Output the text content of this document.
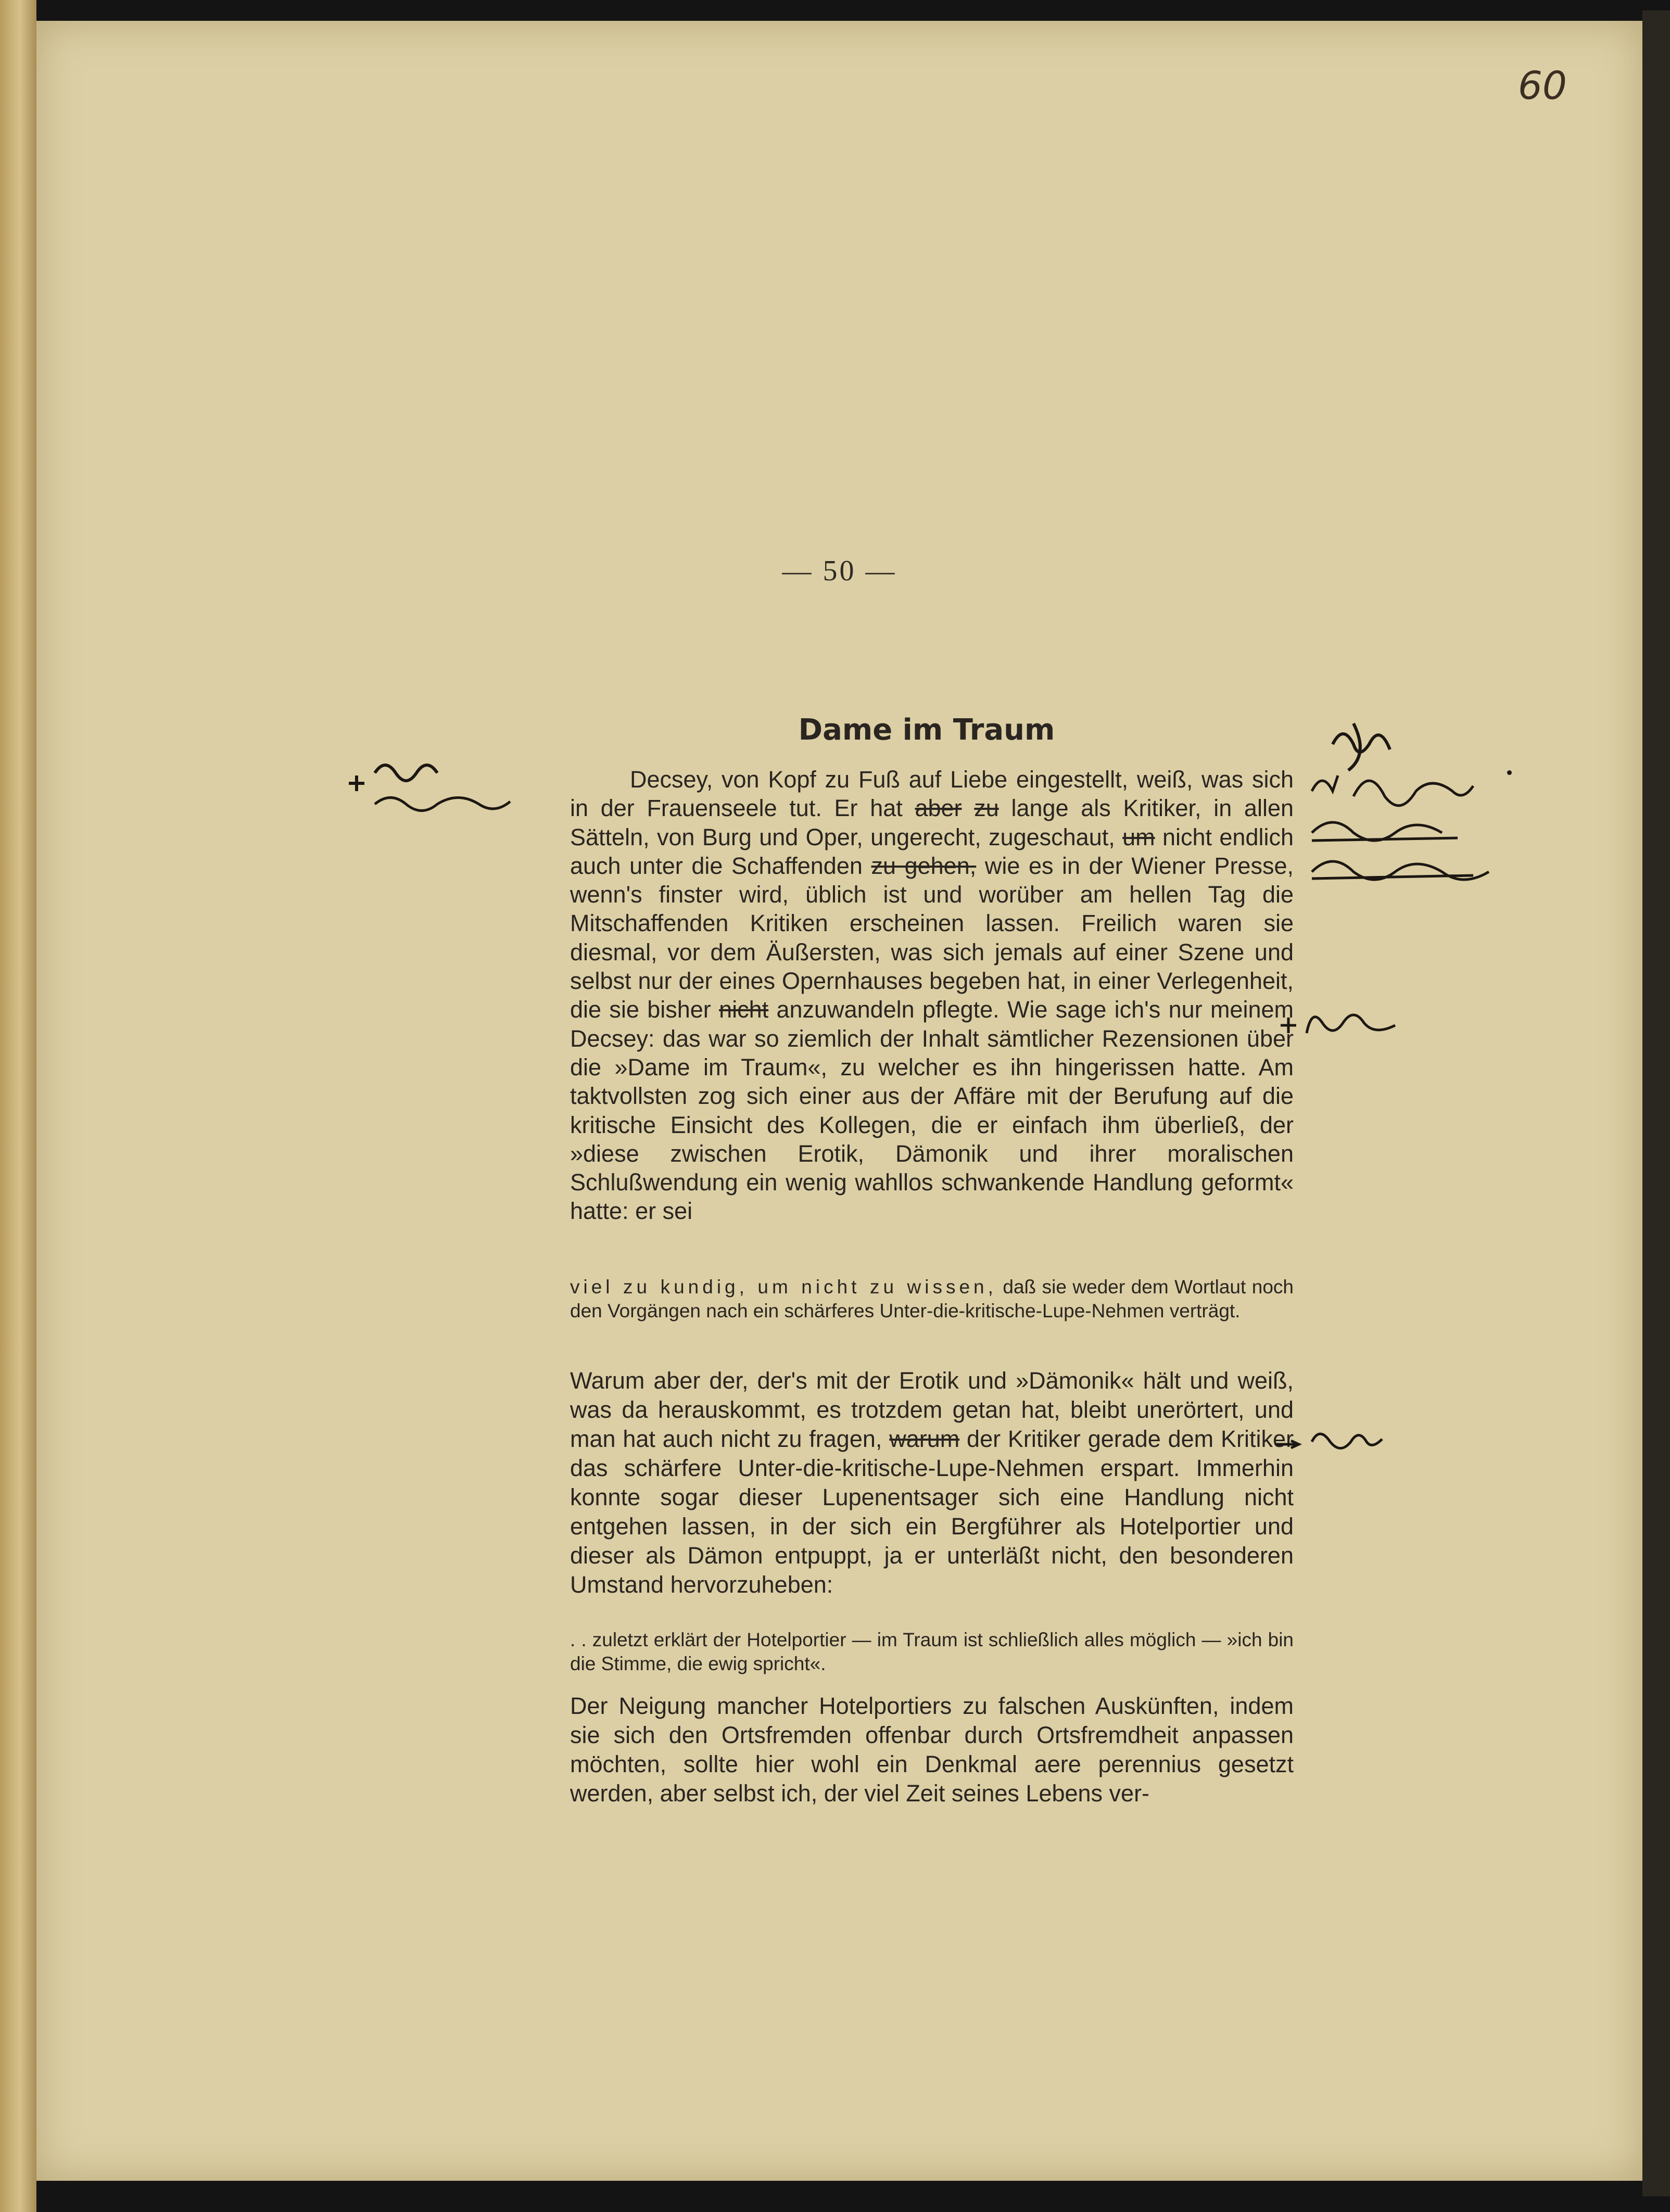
60
— 50 —
Dame im Traum
Decsey, von Kopf zu Fuß auf Liebe eingestellt, weiß, was sich in der Frauenseele tut. Er hat aber zu lange als Kritiker, in allen Sätteln, von Burg und Oper, ungerecht, zugeschaut, um nicht endlich auch unter die Schaffenden zu gehen, wie es in der Wiener Presse, wenn's finster wird, üblich ist und worüber am hellen Tag die Mitschaffenden Kritiken erscheinen lassen. Freilich waren sie diesmal, vor dem Äußersten, was sich jemals auf einer Szene und selbst nur der eines Opernhauses begeben hat, in einer Verlegenheit, die sie bisher nicht anzuwandeln pflegte. Wie sage ich's nur meinem Decsey: das war so ziemlich der Inhalt sämtlicher Rezensionen über die »Dame im Traum«, zu welcher es ihn hingerissen hatte. Am taktvollsten zog sich einer aus der Affäre mit der Berufung auf die kritische Einsicht des Kollegen, die er einfach ihm überließ, der »diese zwischen Erotik, Dämonik und ihrer moralischen Schlußwendung ein wenig wahllos schwankende Handlung geformt« hatte: er sei
viel zu kundig, um nicht zu wissen, daß sie weder dem Wortlaut noch den Vorgängen nach ein schärferes Unter-die-kritische-Lupe-Nehmen verträgt.
Warum aber der, der's mit der Erotik und »Dämonik« hält und weiß, was da herauskommt, es trotzdem getan hat, bleibt unerörtert, und man hat auch nicht zu fragen, warum der Kritiker gerade dem Kritiker das schärfere Unter-die-kritische-Lupe-Nehmen erspart. Immerhin konnte sogar dieser Lupenentsager sich eine Handlung nicht entgehen lassen, in der sich ein Bergführer als Hotelportier und dieser als Dämon entpuppt, ja er unterläßt nicht, den besonderen Umstand hervorzuheben:
. . zuletzt erklärt der Hotelportier — im Traum ist schließlich alles möglich — »ich bin die Stimme, die ewig spricht«.
Der Neigung mancher Hotelportiers zu falschen Auskünften, indem sie sich den Ortsfremden offenbar durch Ortsfremdheit anpassen möchten, sollte hier wohl ein Denkmal aere perennius gesetzt werden, aber selbst ich, der viel Zeit seines Lebens ver-
